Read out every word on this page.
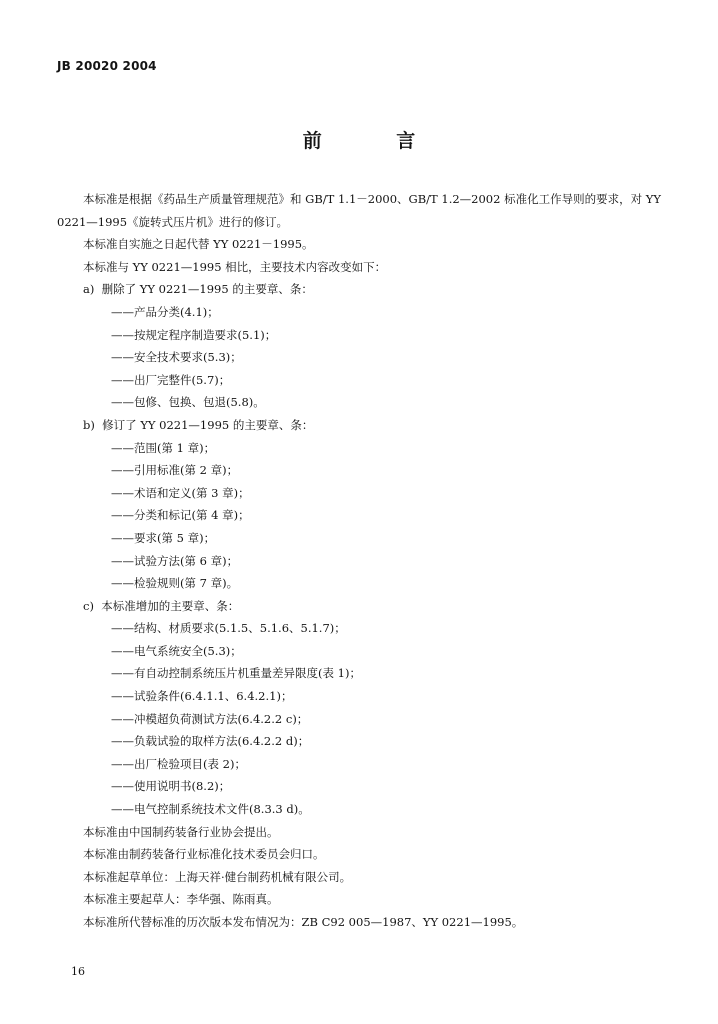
JB 20020 2004
前 言
本标准是根据《药品生产质量管理规范》和 GB/T 1.1－2000、GB/T 1.2—2002 标准化工作导则的要求，对 YY 0221—1995《旋转式压片机》进行的修订。
本标准自实施之日起代替 YY 0221－1995。
本标准与 YY 0221—1995 相比，主要技术内容改变如下：
a) 删除了 YY 0221—1995 的主要章、条：
——产品分类(4.1)；
——按规定程序制造要求(5.1)；
——安全技术要求(5.3)；
——出厂完整件(5.7)；
——包修、包换、包退(5.8)。
b) 修订了 YY 0221—1995 的主要章、条：
——范围(第 1 章)；
——引用标准(第 2 章)；
——术语和定义(第 3 章)；
——分类和标记(第 4 章)；
——要求(第 5 章)；
——试验方法(第 6 章)；
——检验规则(第 7 章)。
c) 本标准增加的主要章、条：
——结构、材质要求(5.1.5、5.1.6、5.1.7)；
——电气系统安全(5.3)；
——有自动控制系统压片机重量差异限度(表 1)；
——试验条件(6.4.1.1、6.4.2.1)；
——冲模超负荷测试方法(6.4.2.2 c)；
——负载试验的取样方法(6.4.2.2 d)；
——出厂检验项目(表 2)；
——使用说明书(8.2)；
——电气控制系统技术文件(8.3.3 d)。
本标准由中国制药装备行业协会提出。
本标准由制药装备行业标准化技术委员会归口。
本标准起草单位：上海天祥·健台制药机械有限公司。
本标准主要起草人：李华强、陈雨真。
本标准所代替标准的历次版本发布情况为：ZB C92 005—1987、YY 0221—1995。
16
